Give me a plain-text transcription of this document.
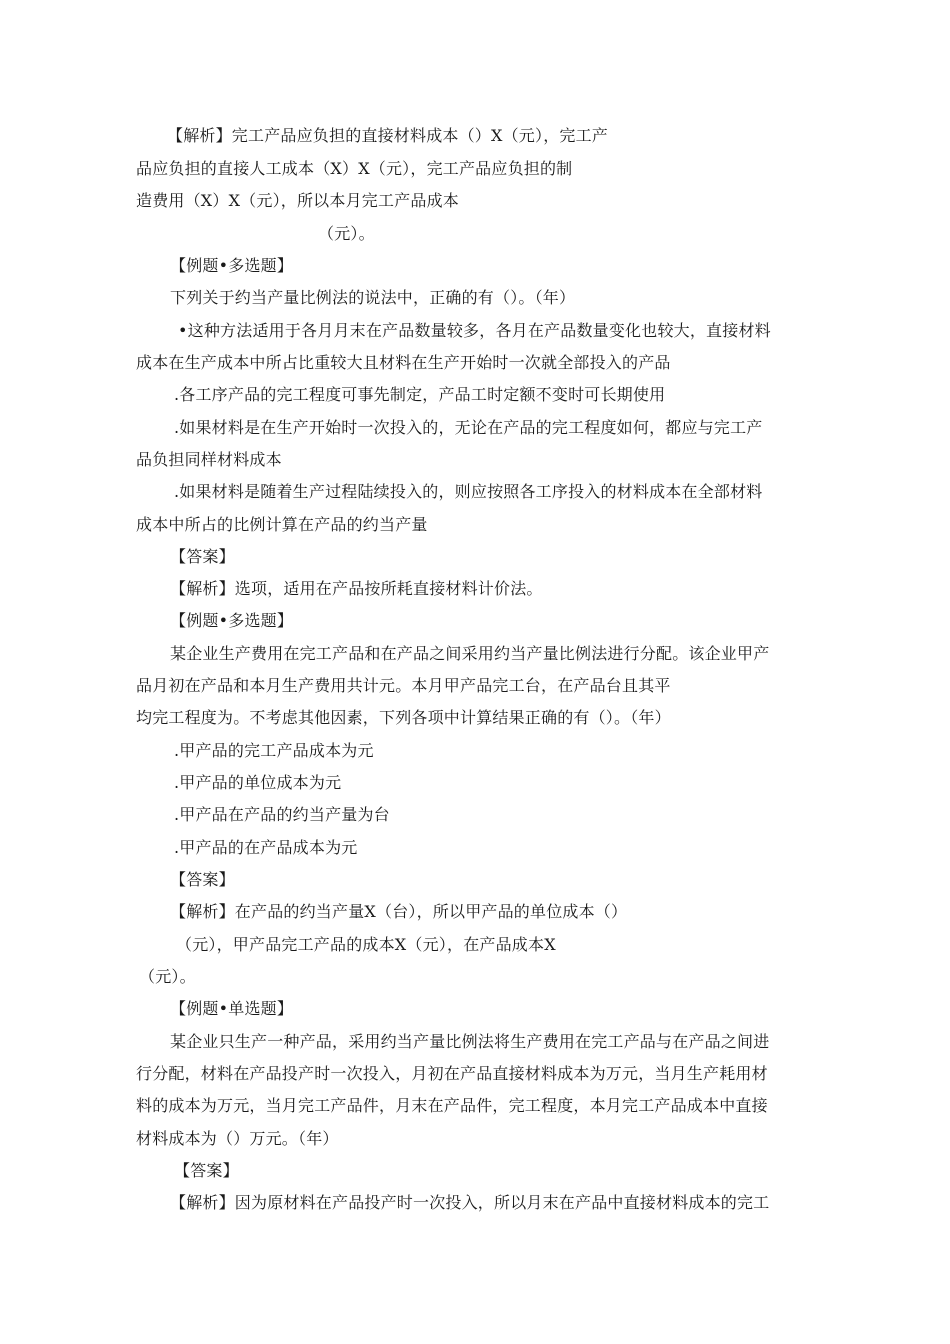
【解析】完工产品应负担的直接材料成本（）X（元），完工产
品应负担的直接人工成本（X）X（元），完工产品应负担的制
造费用（X）X（元），所以本月完工产品成本
（元）。
【例题•多选题】
下列关于约当产量比例法的说法中，正确的有（）。（年）
•这种方法适用于各月月末在产品数量较多，各月在产品数量变化也较大，直接材料
成本在生产成本中所占比重较大且材料在生产开始时一次就全部投入的产品
.各工序产品的完工程度可事先制定，产品工时定额不变时可长期使用
.如果材料是在生产开始时一次投入的，无论在产品的完工程度如何，都应与完工产
品负担同样材料成本
.如果材料是随着生产过程陆续投入的，则应按照各工序投入的材料成本在全部材料
成本中所占的比例计算在产品的约当产量
【答案】
【解析】选项，适用在产品按所耗直接材料计价法。
【例题•多选题】
某企业生产费用在完工产品和在产品之间采用约当产量比例法进行分配。该企业甲产
品月初在产品和本月生产费用共计元。本月甲产品完工台，在产品台且其平
均完工程度为。不考虑其他因素，下列各项中计算结果正确的有（）。（年）
.甲产品的完工产品成本为元
.甲产品的单位成本为元
.甲产品在产品的约当产量为台
.甲产品的在产品成本为元
【答案】
【解析】在产品的约当产量X（台），所以甲产品的单位成本（）
（元），甲产品完工产品的成本X（元），在产品成本X
（元）。
【例题•单选题】
某企业只生产一种产品，采用约当产量比例法将生产费用在完工产品与在产品之间进
行分配，材料在产品投产时一次投入，月初在产品直接材料成本为万元，当月生产耗用材
料的成本为万元，当月完工产品件，月末在产品件，完工程度，本月完工产品成本中直接
材料成本为（）万元。（年）
【答案】
【解析】因为原材料在产品投产时一次投入，所以月末在产品中直接材料成本的完工
